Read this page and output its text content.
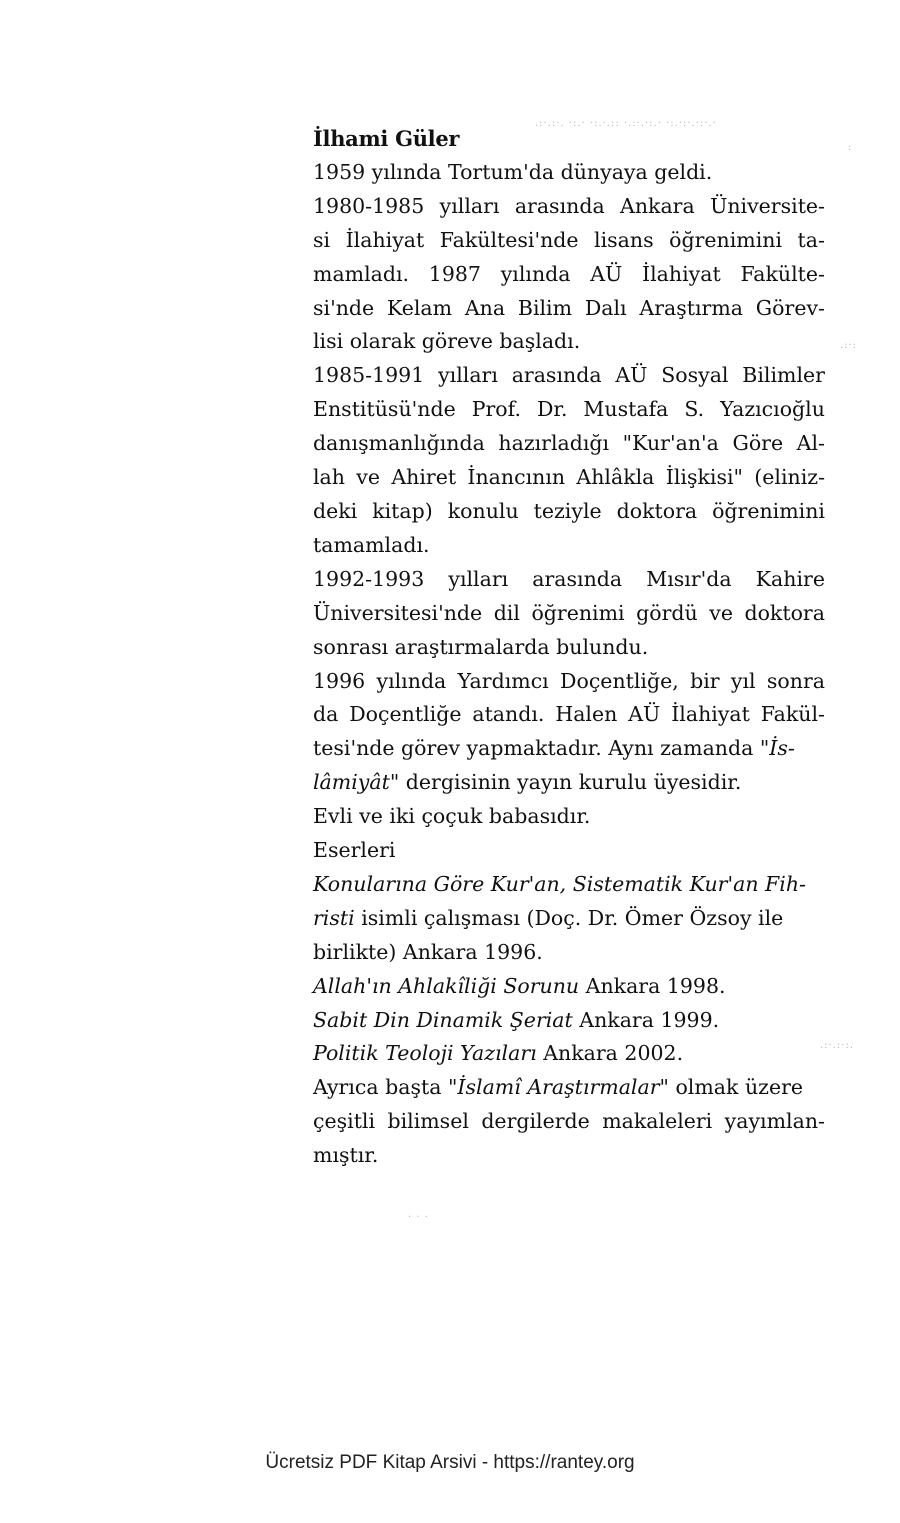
.:·.:·. ·:.· ·:.·.:: ·.:·.·:.· ·:.·:·.·:·.·
:
.:·:
.:·.:·:.
· · ·
İlhami Güler
1959 yılında Tortum'da dünyaya geldi.
1980-1985 yılları arasında Ankara Üniversite-
si İlahiyat Fakültesi'nde lisans öğrenimini ta-
mamladı. 1987 yılında AÜ İlahiyat Fakülte-
si'nde Kelam Ana Bilim Dalı Araştırma Görev-
lisi olarak göreve başladı.
1985-1991 yılları arasında AÜ Sosyal Bilimler
Enstitüsü'nde Prof. Dr. Mustafa S. Yazıcıoğlu
danışmanlığında hazırladığı "Kur'an'a Göre Al-
lah ve Ahiret İnancının Ahlâkla İlişkisi" (eliniz-
deki kitap) konulu teziyle doktora öğrenimini
tamamladı.
1992-1993 yılları arasında Mısır'da Kahire
Üniversitesi'nde dil öğrenimi gördü ve doktora
sonrası araştırmalarda bulundu.
1996 yılında Yardımcı Doçentliğe, bir yıl sonra
da Doçentliğe atandı. Halen AÜ İlahiyat Fakül-
tesi'nde görev yapmaktadır. Aynı zamanda "İs-
lâmiyât" dergisinin yayın kurulu üyesidir.
Evli ve iki çoçuk babasıdır.
Eserleri
Konularına Göre Kur'an, Sistematik Kur'an Fih-
risti isimli çalışması (Doç. Dr. Ömer Özsoy ile
birlikte) Ankara 1996.
Allah'ın Ahlakîliği Sorunu Ankara 1998.
Sabit Din Dinamik Şeriat Ankara 1999.
Politik Teoloji Yazıları Ankara 2002.
Ayrıca başta "İslamî Araştırmalar" olmak üzere
çeşitli bilimsel dergilerde makaleleri yayımlan-
mıştır.
Ücretsiz PDF Kitap Arsivi - https://rantey.org
